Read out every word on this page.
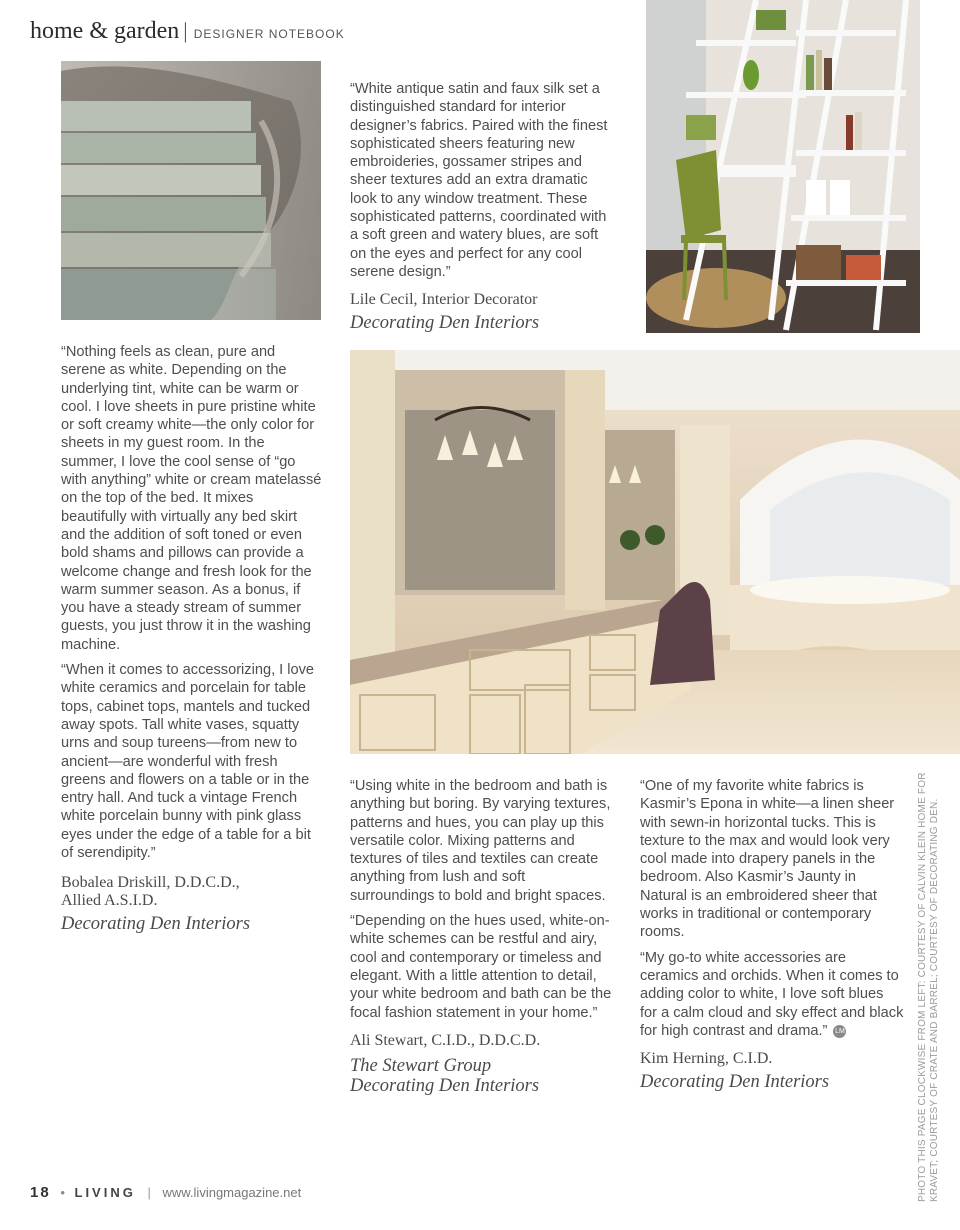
home & garden | DESIGNER NOTEBOOK

“White antique satin and faux silk set a distinguished standard for interior designer’s fabrics. Paired with the finest sophisticated sheers featuring new embroideries, gossamer stripes and sheer textures add an extra dramatic look to any window treatment. These sophisticated patterns, coordinated with a soft green and watery blues, are soft on the eyes and perfect for any cool serene design.”

Lile Cecil, Interior Decorator
Decorating Den Interiors

“Nothing feels as clean, pure and serene as white. Depending on the underlying tint, white can be warm or cool. I love sheets in pure pristine white or soft creamy white—the only color for sheets in my guest room. In the summer, I love the cool sense of “go with anything” white or cream matelassé on the top of the bed. It mixes beautifully with virtually any bed skirt and the addition of soft toned or even bold shams and pillows can provide a welcome change and fresh look for the warm summer season. As a bonus, if you have a steady stream of summer guests, you just throw it in the washing machine.

“When it comes to accessorizing, I love white ceramics and porcelain for table tops, cabinet tops, mantels and tucked away spots. Tall white vases, squatty urns and soup tureens—from new to ancient—are wonderful with fresh greens and flowers on a table or in the entry hall. And tuck a vintage French white porcelain bunny with pink glass eyes under the edge of a table for a bit of serendipity.”

Bobalea Driskill, D.D.C.D.,
Allied A.S.I.D.
Decorating Den Interiors

“Using white in the bedroom and bath is anything but boring. By varying textures, patterns and hues, you can play up this versatile color. Mixing patterns and textures of tiles and textiles can create anything from lush and soft surroundings to bold and bright spaces.

“Depending on the hues used, white-on-white schemes can be restful and airy, cool and contemporary or timeless and elegant. With a little attention to detail, your white bedroom and bath can be the focal fashion statement in your home.”

Ali Stewart, C.I.D., D.D.C.D.
The Stewart Group
Decorating Den Interiors

“One of my favorite white fabrics is Kasmir’s Epona in white—a linen sheer with sewn-in horizontal tucks. This is texture to the max and would look very cool made into drapery panels in the bedroom. Also Kasmir’s Jaunty in Natural is an embroidered sheer that works in traditional or contemporary rooms.

“My go-to white accessories are ceramics and orchids. When it comes to adding color to white, I love soft blues for a calm cloud and sky effect and black for high contrast and drama.” LM

Kim Herning, C.I.D.
Decorating Den Interiors	PHOTO THIS PAGE CLOCKWISE FROM LEFT: COURTESY OF CALVIN KLEIN HOME FOR KRAVET; COURTESY OF CRATE AND BARREL; COURTESY OF DECORATING DEN.
18 • LIVING | www.livingmagazine.net
